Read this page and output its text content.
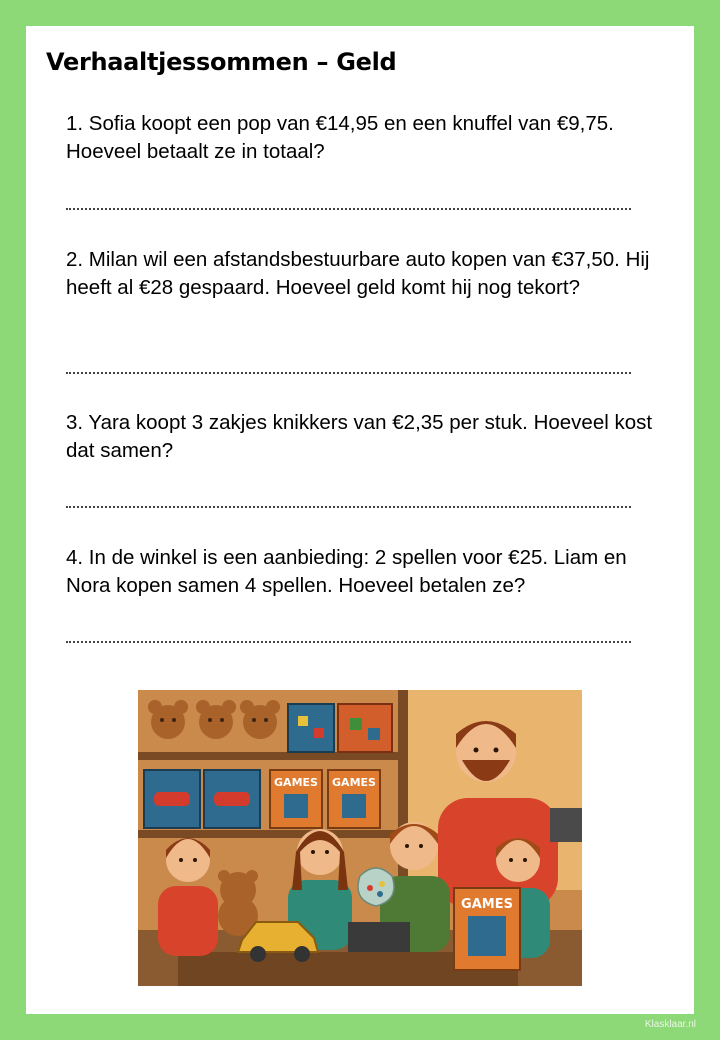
Verhaaltjessommen – Geld
1. Sofia koopt een pop van €14,95 en een knuffel van €9,75. Hoeveel betaalt ze in totaal?
2. Milan wil een afstandsbestuurbare auto kopen van €37,50. Hij heeft al €28 gespaard. Hoeveel geld komt hij nog tekort?
3. Yara koopt 3 zakjes knikkers van €2,35 per stuk. Hoeveel kost dat samen?
4. In de winkel is een aanbieding: 2 spellen voor €25. Liam en Nora kopen samen 4 spellen. Hoeveel betalen ze?
GAMES GAMES
GAMES
Klasklaar.nl
